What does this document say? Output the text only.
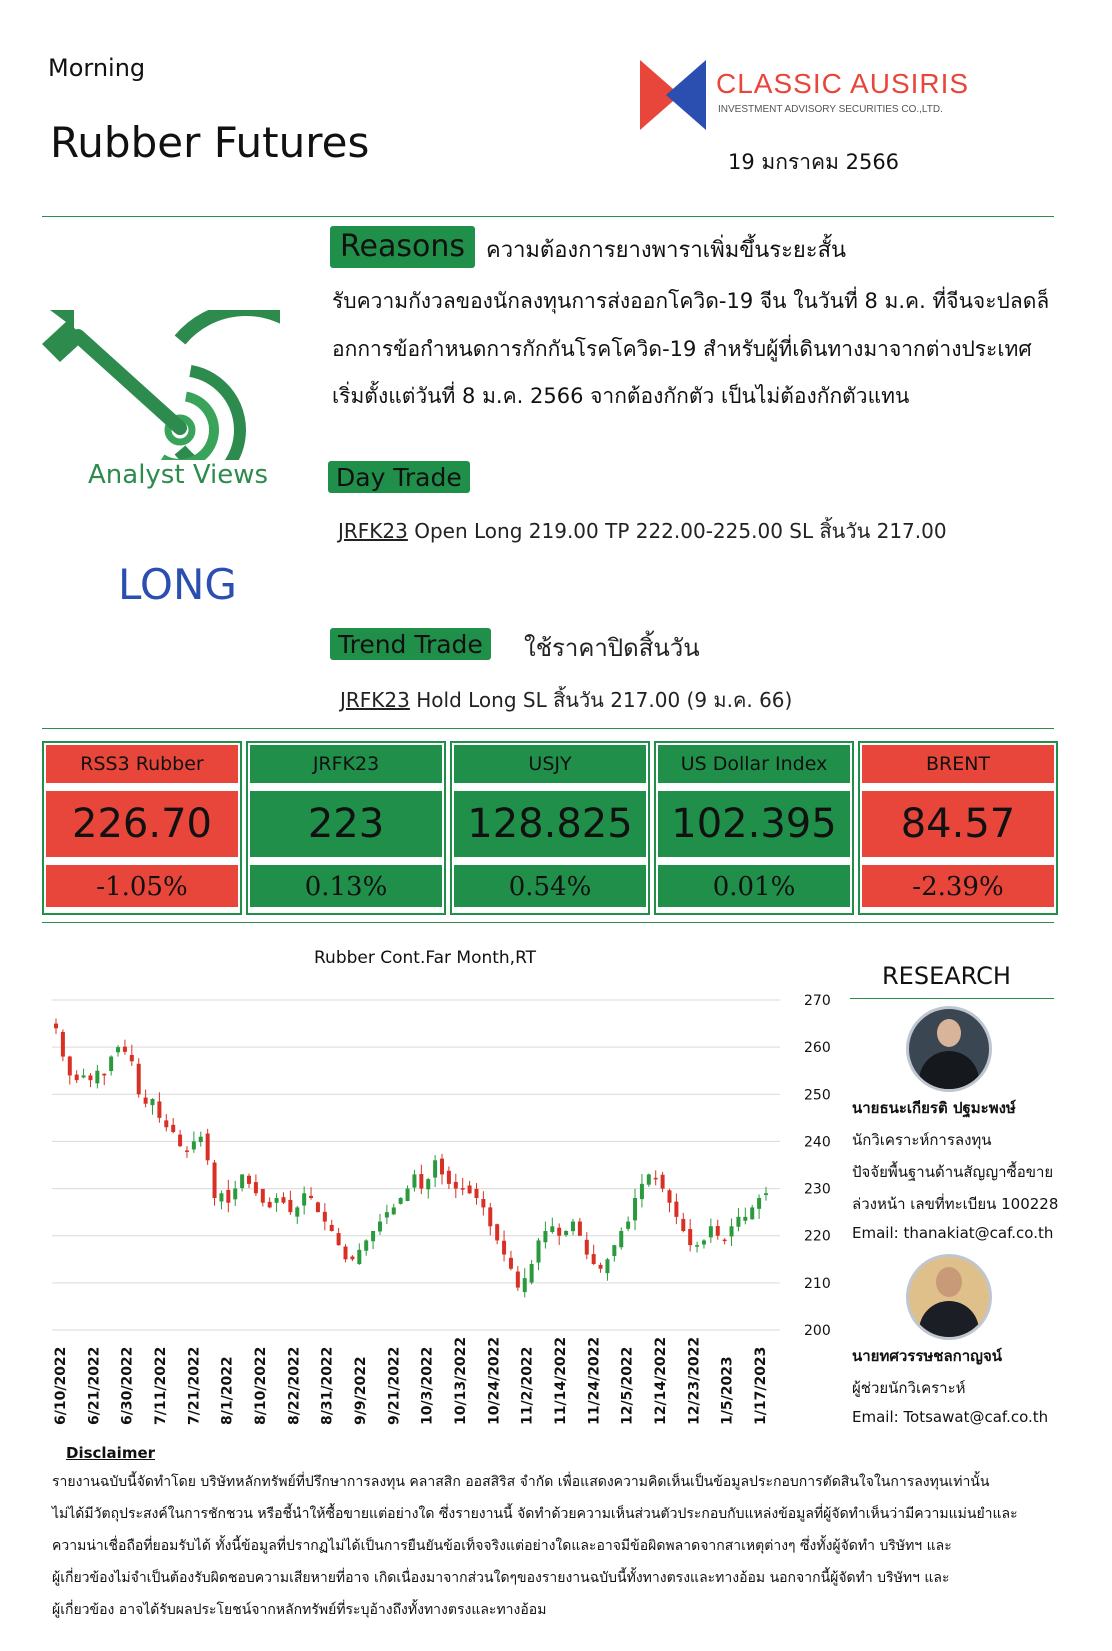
Morning
Rubber Futures
CLASSIC AUSIRIS
INVESTMENT ADVISORY SECURITIES CO.,LTD.
19 มกราคม 2566
Analyst Views
LONG
Reasons ความต้องการยางพาราเพิ่มขึ้นระยะสั้น
รับความกังวลของนักลงทุนการส่งออกโควิด-19 จีน ในวันที่ 8 ม.ค. ที่จีนจะปลดล็
อกการข้อกำหนดการกักกันโรคโควิด-19 สำหรับผู้ที่เดินทางมาจากต่างประเทศ
เริ่มตั้งแต่วันที่ 8 ม.ค. 2566 จากต้องกักตัว เป็นไม่ต้องกักตัวแทน
Day Trade
JRFK23 Open Long 219.00 TP 222.00-225.00 SL สิ้นวัน 217.00
Trend Trade	ใช้ราคาปิดสิ้นวัน
JRFK23 Hold Long SL สิ้นวัน 217.00 (9 ม.ค. 66)
RSS3 Rubber
226.70
-1.05%
JRFK23
223
0.13%
USJY
128.825
0.54%
US Dollar Index
102.395
0.01%
BRENT
84.57
-2.39%
Rubber Cont.Far Month,RT
270
260
250
240
230
220
210
200
6/10/2022 6/21/2022 6/30/2022 7/11/2022 7/21/2022 8/1/2022 8/10/2022 8/22/2022 8/31/2022 9/9/2022 9/21/2022 10/3/2022 10/13/2022 10/24/2022 11/2/2022 11/14/2022 11/24/2022 12/5/2022 12/14/2022 12/23/2022 1/5/2023 1/17/2023
RESEARCH
นายธนะเกียรติ ปฐมะพงษ์
นักวิเคราะห์การลงทุน
ปัจจัยพื้นฐานด้านสัญญาซื้อขาย
ล่วงหน้า เลขที่ทะเบียน 100228
Email: thanakiat@caf.co.th
นายทศวรรษชลกาญจน์
ผู้ช่วยนักวิเคราะห์
Email: Totsawat@caf.co.th
Disclaimer
รายงานฉบับนี้จัดทำโดย บริษัทหลักทรัพย์ที่ปรึกษาการลงทุน คลาสสิก ออสสิริส จำกัด เพื่อแสดงความคิดเห็นเป็นข้อมูลประกอบการตัดสินใจในการลงทุนเท่านั้น
ไม่ได้มีวัตถุประสงค์ในการชักชวน หรือชี้นำให้ซื้อขายแต่อย่างใด ซึ่งรายงานนี้ จัดทำด้วยความเห็นส่วนตัวประกอบกับแหล่งข้อมูลที่ผู้จัดทำเห็นว่ามีความแม่นยำและ
ความน่าเชื่อถือที่ยอมรับได้ ทั้งนี้ข้อมูลที่ปรากฏไม่ได้เป็นการยืนยันข้อเท็จจริงแต่อย่างใดและอาจมีข้อผิดพลาดจากสาเหตุต่างๆ ซึ่งทั้งผู้จัดทำ บริษัทฯ และ
ผู้เกี่ยวข้องไม่จำเป็นต้องรับผิดชอบความเสียหายที่อาจ เกิดเนื่องมาจากส่วนใดๆของรายงานฉบับนี้ทั้งทางตรงและทางอ้อม นอกจากนี้ผู้จัดทำ บริษัทฯ และ
ผู้เกี่ยวข้อง อาจได้รับผลประโยชน์จากหลักทรัพย์ที่ระบุอ้างถึงทั้งทางตรงและทางอ้อม
